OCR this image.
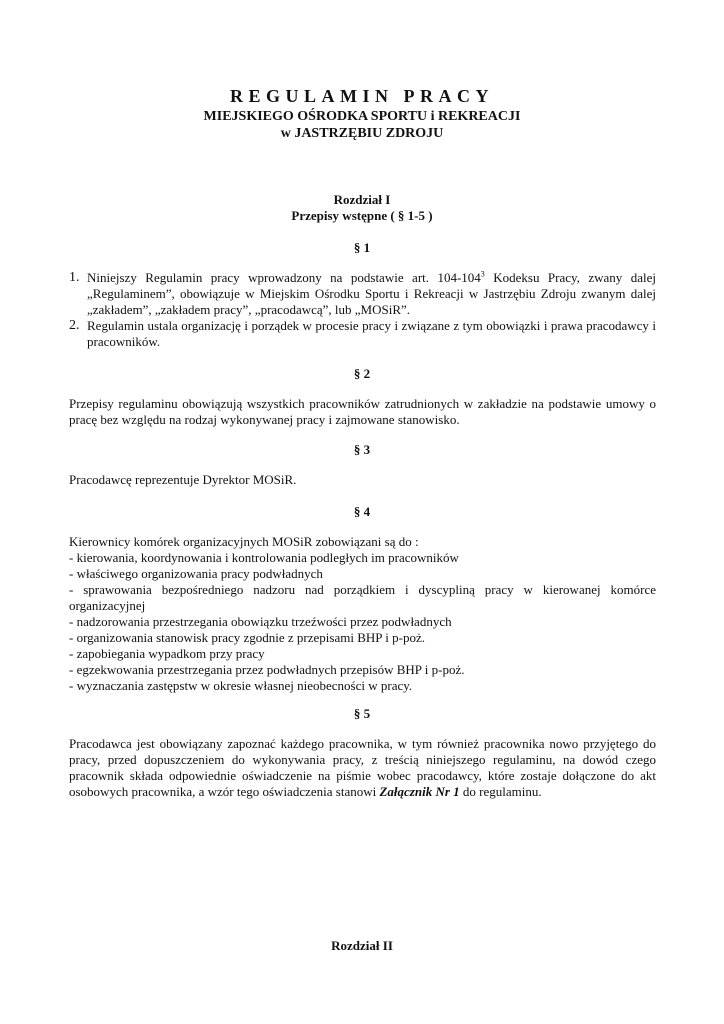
REGULAMIN PRACY
MIEJSKIEGO OŚRODKA SPORTU i REKREACJI
w JASTRZĘBIU ZDROJU
Rozdział I
Przepisy wstępne ( § 1-5 )
§ 1
1. Niniejszy Regulamin pracy wprowadzony na podstawie art. $104-104^3$ Kodeksu Pracy, zwany dalej „Regulaminem”, obowiązuje w Miejskim Ośrodku Sportu i Rekreacji w Jastrzębiu Zdroju zwanym dalej „zakładem”, „zakładem pracy”, „pracodawcą”, lub „MOSiR”.
2. Regulamin ustala organizację i porządek w procesie pracy i związane z tym obowiązki i prawa pracodawcy i pracowników.
§ 2
Przepisy regulaminu obowiązują wszystkich pracowników zatrudnionych w zakładzie na podstawie umowy o pracę bez względu na rodzaj wykonywanej pracy i zajmowane stanowisko.
§ 3
Pracodawcę reprezentuje Dyrektor MOSiR.
§ 4
Kierownicy komórek organizacyjnych MOSiR zobowiązani są do :
- kierowania, koordynowania i kontrolowania podległych im pracowników
- właściwego organizowania pracy podwładnych
- sprawowania bezpośredniego nadzoru nad porządkiem i dyscypliną pracy w kierowanej komórce organizacyjnej
- nadzorowania przestrzegania obowiązku trzeźwości przez podwładnych
- organizowania stanowisk pracy zgodnie z przepisami BHP i p-poż.
- zapobiegania wypadkom przy pracy
- egzekwowania przestrzegania przez podwładnych przepisów BHP i p-poż.
- wyznaczania zastępstw w okresie własnej nieobecności w pracy.
§ 5
Pracodawca jest obowiązany zapoznać każdego pracownika, w tym również pracownika nowo przyjętego do pracy, przed dopuszczeniem do wykonywania pracy, z treścią niniejszego regulaminu, na dowód czego pracownik składa odpowiednie oświadczenie na piśmie wobec pracodawcy, które zostaje dołączone do akt osobowych pracownika, a wzór tego oświadczenia stanowi Załącznik Nr 1 do regulaminu.
Rozdział II
